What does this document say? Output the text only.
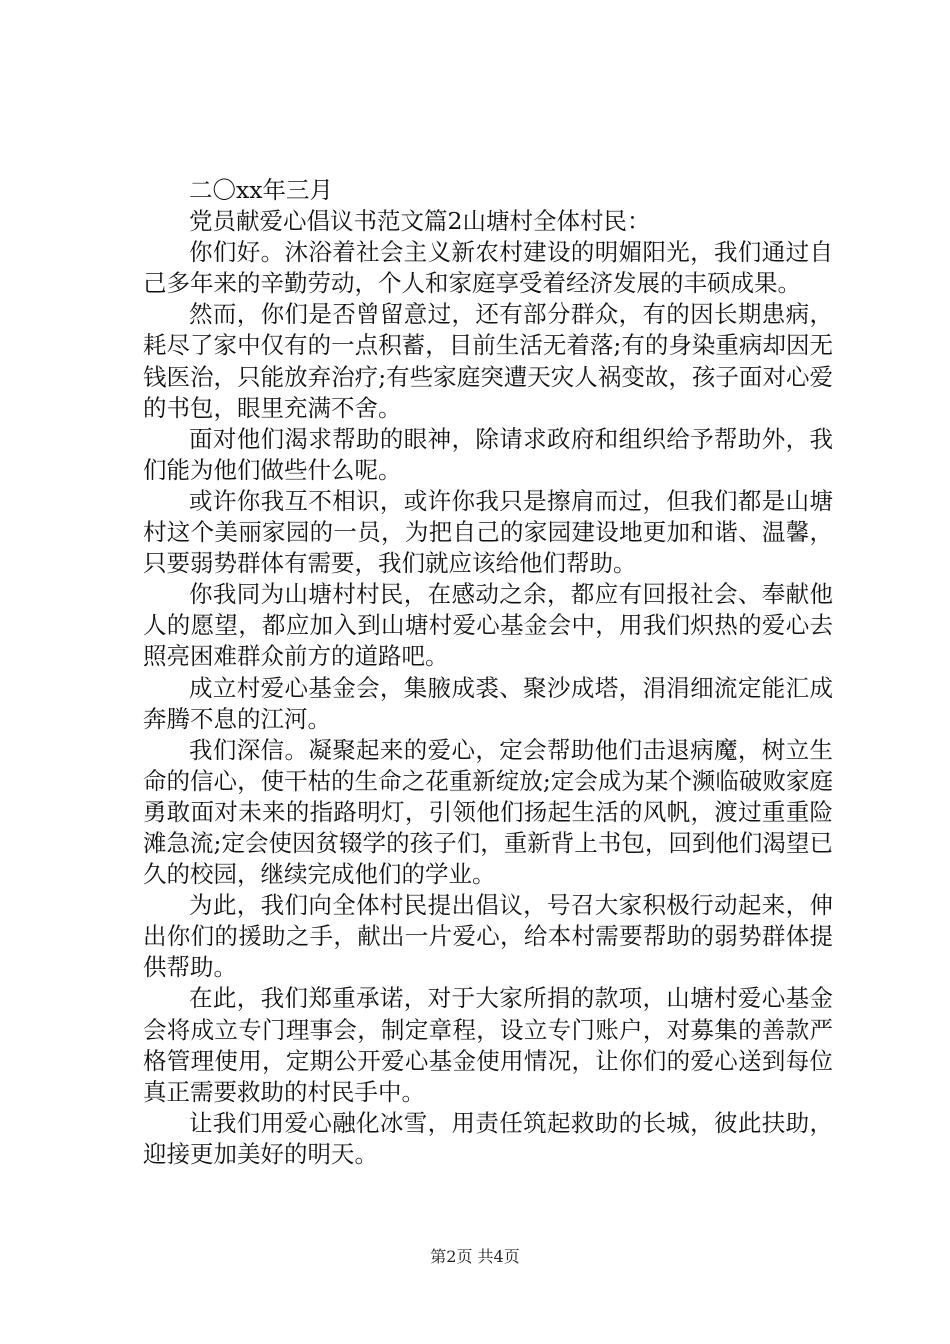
二〇xx年三月

党员献爱心倡议书范文篇2山塘村全体村民：

你们好。沐浴着社会主义新农村建设的明媚阳光，我们通过自己多年来的辛勤劳动，个人和家庭享受着经济发展的丰硕成果。

然而，你们是否曾留意过，还有部分群众，有的因长期患病，耗尽了家中仅有的一点积蓄，目前生活无着落;有的身染重病却因无钱医治，只能放弃治疗;有些家庭突遭天灾人祸变故，孩子面对心爱的书包，眼里充满不舍。

面对他们渴求帮助的眼神，除请求政府和组织给予帮助外，我们能为他们做些什么呢。

或许你我互不相识，或许你我只是擦肩而过，但我们都是山塘村这个美丽家园的一员，为把自己的家园建设地更加和谐、温馨，只要弱势群体有需要，我们就应该给他们帮助。

你我同为山塘村村民，在感动之余，都应有回报社会、奉献他人的愿望，都应加入到山塘村爱心基金会中，用我们炽热的爱心去照亮困难群众前方的道路吧。

成立村爱心基金会，集腋成裘、聚沙成塔，涓涓细流定能汇成奔腾不息的江河。

我们深信。凝聚起来的爱心，定会帮助他们击退病魔，树立生命的信心，使干枯的生命之花重新绽放;定会成为某个濒临破败家庭勇敢面对未来的指路明灯，引领他们扬起生活的风帆，渡过重重险滩急流;定会使因贫辍学的孩子们，重新背上书包，回到他们渴望已久的校园，继续完成他们的学业。

为此，我们向全体村民提出倡议，号召大家积极行动起来，伸出你们的援助之手，献出一片爱心，给本村需要帮助的弱势群体提供帮助。

在此，我们郑重承诺，对于大家所捐的款项，山塘村爱心基金会将成立专门理事会，制定章程，设立专门账户，对募集的善款严格管理使用，定期公开爱心基金使用情况，让你们的爱心送到每位真正需要救助的村民手中。

让我们用爱心融化冰雪，用责任筑起救助的长城，彼此扶助，迎接更加美好的明天。

第2页 共4页
